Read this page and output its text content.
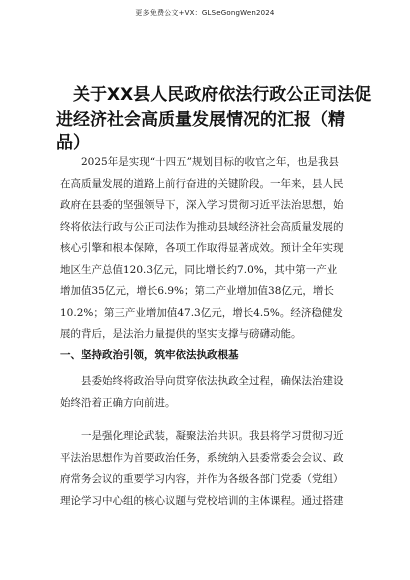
更多免费公文+VX：GLSeGongWen2024
关于XX县人民政府依法行政公正司法促
进经济社会高质量发展情况的汇报（精品）
2025年是实现“十四五”规划目标的收官之年，也是我县
在高质量发展的道路上前行奋进的关键阶段。一年来，县人民
政府在县委的坚强领导下，深入学习贯彻习近平法治思想，始
终将依法行政与公正司法作为推动县域经济社会高质量发展的
核心引擎和根本保障，各项工作取得显著成效。预计全年实现
地区生产总值120.3亿元，同比增长约7.0%，其中第一产业
增加值35亿元，增长6.9%；第二产业增加值38亿元，增长
10.2%；第三产业增加值47.3亿元，增长4.5%。经济稳健发
展的背后，是法治力量提供的坚实支撑与磅礴动能。
一、坚持政治引领，筑牢依法执政根基
县委始终将政治导向贯穿依法执政全过程，确保法治建设
始终沿着正确方向前进。
一是强化理论武装，凝聚法治共识。我县将学习贯彻习近
平法治思想作为首要政治任务，系统纳入县委常委会会议、政
府常务会议的重要学习内容，并作为各级各部门党委（党组）
理论学习中心组的核心议题与党校培训的主体课程。通过搭建
